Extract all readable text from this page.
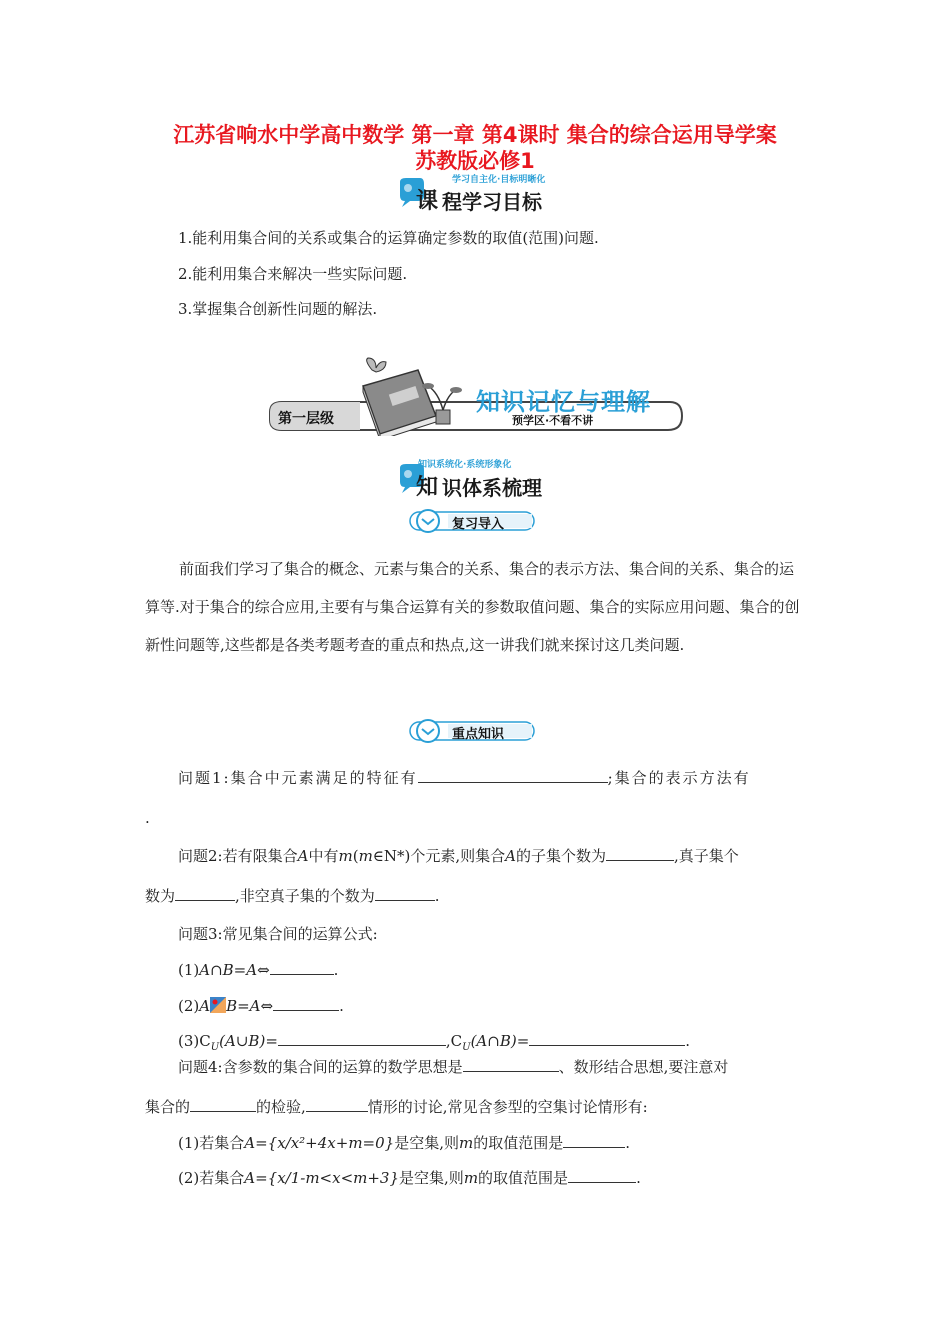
江苏省响水中学高中数学 第一章 第4课时 集合的综合运用导学案
苏教版必修1
学习自主化·目标明晰化
课 程学习目标
1.能利用集合间的关系或集合的运算确定参数的取值(范围)问题.
2.能利用集合来解决一些实际问题.
3.掌握集合创新性问题的解法.
第一层级
知识记忆与理解
预学区·不看不讲
知识系统化·系统形象化
知 识体系梳理
复习导入
前面我们学习了集合的概念、元素与集合的关系、集合的表示方法、集合间的关系、集合的运算等.对于集合的综合应用,主要有与集合运算有关的参数取值问题、集合的实际应用问题、集合的创新性问题等,这些都是各类考题考查的重点和热点,这一讲我们就来探讨这几类问题.
重点知识
问题1:集合中元素满足的特征有	;集合的表示方法有
.
问题2:若有限集合A中有m(m∈N*)个元素,则集合A的子集个数为	,真子集个
数为	,非空真子集的个数为	.
问题3:常见集合间的运算公式:
(1)A∩B=A⇔	.
(2)A B=A⇔	.
$(3)C_U(A\cup B)=$	$,C_U(A\cap B)=$	.
问题4:含参数的集合间的运算的数学思想是	、数形结合思想,要注意对
集合的	的检验,	情形的讨论,常见含参型的空集讨论情形有:
(1)若集合A={x/x²+4x+m=0}是空集,则m的取值范围是	.
(2)若集合A={x/1-m<x<m+3}是空集,则m的取值范围是	.
